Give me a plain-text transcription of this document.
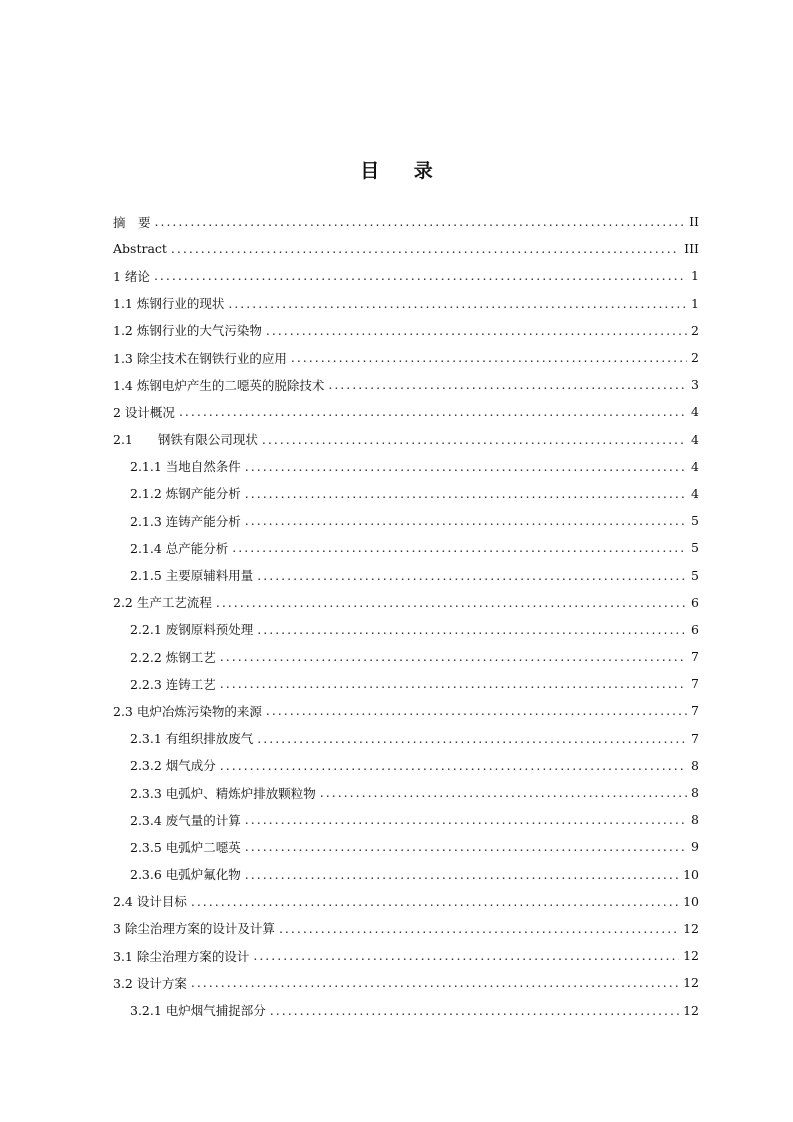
目 录
摘　要 .....	II
Abstract .....	III
1 绪论 .....	1
1.1 炼钢行业的现状 .....	1
1.2 炼钢行业的大气污染物 .....	2
1.3 除尘技术在钢铁行业的应用 .....	2
1.4 炼钢电炉产生的二噁英的脱除技术 .....	3
2 设计概况 .....	4
2.1　　钢铁有限公司现状 .....	4
2.1.1 当地自然条件 .....	4
2.1.2 炼钢产能分析 .....	4
2.1.3 连铸产能分析 .....	5
2.1.4 总产能分析 .....	5
2.1.5 主要原辅料用量 .....	5
2.2 生产工艺流程 .....	6
2.2.1 废钢原料预处理 .....	6
2.2.2 炼钢工艺 .....	7
2.2.3 连铸工艺 .....	7
2.3 电炉冶炼污染物的来源 .....	7
2.3.1 有组织排放废气 .....	7
2.3.2 烟气成分 .....	8
2.3.3 电弧炉、精炼炉排放颗粒物 .....	8
2.3.4 废气量的计算 .....	8
2.3.5 电弧炉二噁英 .....	9
2.3.6 电弧炉氟化物 .....	10
2.4 设计目标 .....	10
3 除尘治理方案的设计及计算 .....	12
3.1 除尘治理方案的设计 .....	12
3.2 设计方案 .....	12
3.2.1 电炉烟气捕捉部分 .....	12
